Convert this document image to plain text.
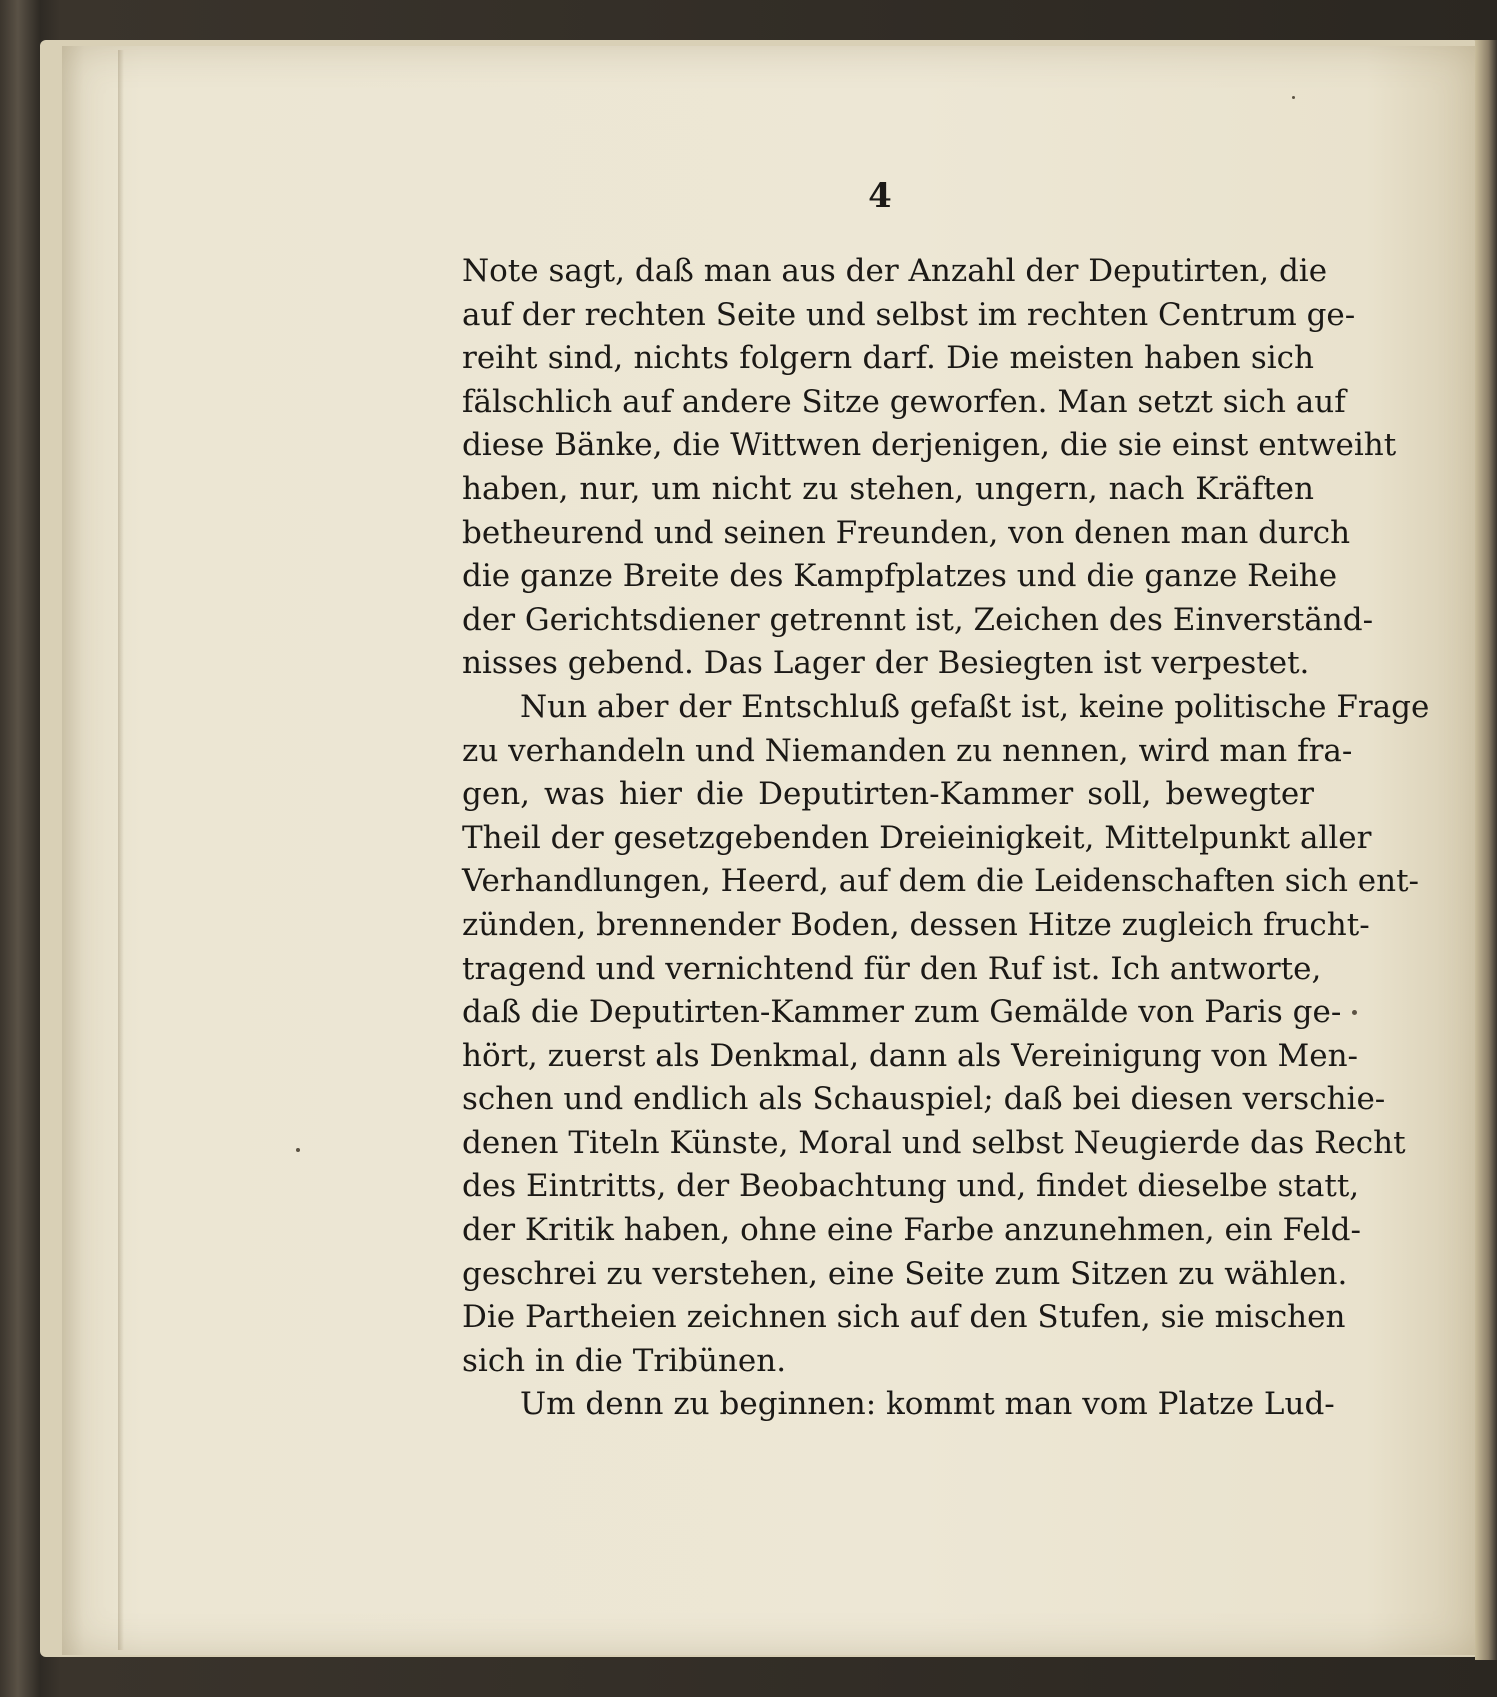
4
Note sagt, daß man aus der Anzahl der Deputirten, die
auf der rechten Seite und selbst im rechten Centrum ge-
reiht sind, nichts folgern darf. Die meisten haben sich
fälschlich auf andere Sitze geworfen. Man setzt sich auf
diese Bänke, die Wittwen derjenigen, die sie einst entweiht
haben, nur, um nicht zu stehen, ungern, nach Kräften
betheurend und seinen Freunden, von denen man durch
die ganze Breite des Kampfplatzes und die ganze Reihe
der Gerichtsdiener getrennt ist, Zeichen des Einverständ-
nisses gebend. Das Lager der Besiegten ist verpestet.
Nun aber der Entschluß gefaßt ist, keine politische Frage
zu verhandeln und Niemanden zu nennen, wird man fra-
gen, was hier die Deputirten-Kammer soll, bewegter
Theil der gesetzgebenden Dreieinigkeit, Mittelpunkt aller
Verhandlungen, Heerd, auf dem die Leidenschaften sich ent-
zünden, brennender Boden, dessen Hitze zugleich frucht-
tragend und vernichtend für den Ruf ist. Ich antworte,
daß die Deputirten-Kammer zum Gemälde von Paris ge-
hört, zuerst als Denkmal, dann als Vereinigung von Men-
schen und endlich als Schauspiel; daß bei diesen verschie-
denen Titeln Künste, Moral und selbst Neugierde das Recht
des Eintritts, der Beobachtung und, findet dieselbe statt,
der Kritik haben, ohne eine Farbe anzunehmen, ein Feld-
geschrei zu verstehen, eine Seite zum Sitzen zu wählen.
Die Partheien zeichnen sich auf den Stufen, sie mischen
sich in die Tribünen.
Um denn zu beginnen: kommt man vom Platze Lud-
